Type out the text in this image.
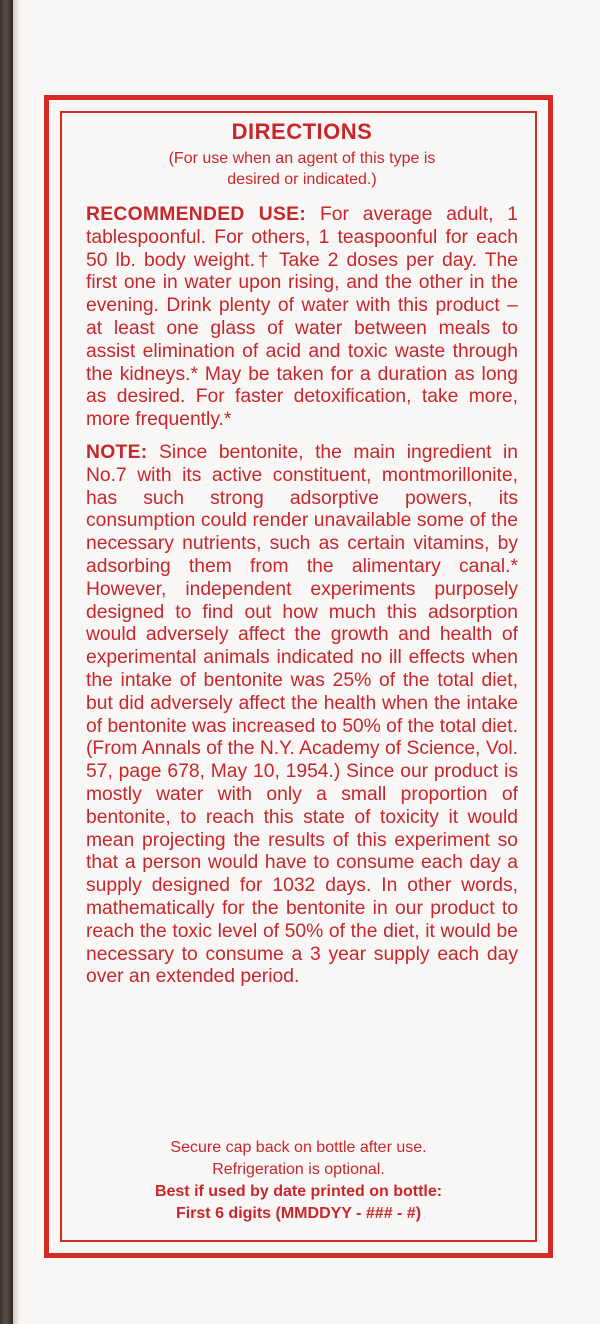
DIRECTIONS
(For use when an agent of this type is desired or indicated.)

RECOMMENDED USE: For average adult, 1 tablespoonful. For others, 1 teaspoonful for each 50 lb. body weight.† Take 2 doses per day. The first one in water upon rising, and the other in the evening. Drink plenty of water with this product – at least one glass of water between meals to assist elimination of acid and toxic waste through the kidneys.* May be taken for a duration as long as desired. For faster detoxification, take more, more frequently.*

NOTE: Since bentonite, the main ingredient in No.7 with its active constituent, montmorillonite, has such strong adsorptive powers, its consumption could render unavailable some of the necessary nutrients, such as certain vitamins, by adsorbing them from the alimentary canal.* However, independent experiments purposely designed to find out how much this adsorption would adversely affect the growth and health of experimental animals indicated no ill effects when the intake of bentonite was 25% of the total diet, but did adversely affect the health when the intake of bentonite was increased to 50% of the total diet. (From Annals of the N.Y. Academy of Science, Vol. 57, page 678, May 10, 1954.) Since our product is mostly water with only a small proportion of bentonite, to reach this state of toxicity it would mean projecting the results of this experiment so that a person would have to consume each day a supply designed for 1032 days. In other words, mathematically for the bentonite in our product to reach the toxic level of 50% of the diet, it would be necessary to consume a 3 year supply each day over an extended period.

Secure cap back on bottle after use.
Refrigeration is optional.
Best if used by date printed on bottle:
First 6 digits (MMDDYY - ### - #)
